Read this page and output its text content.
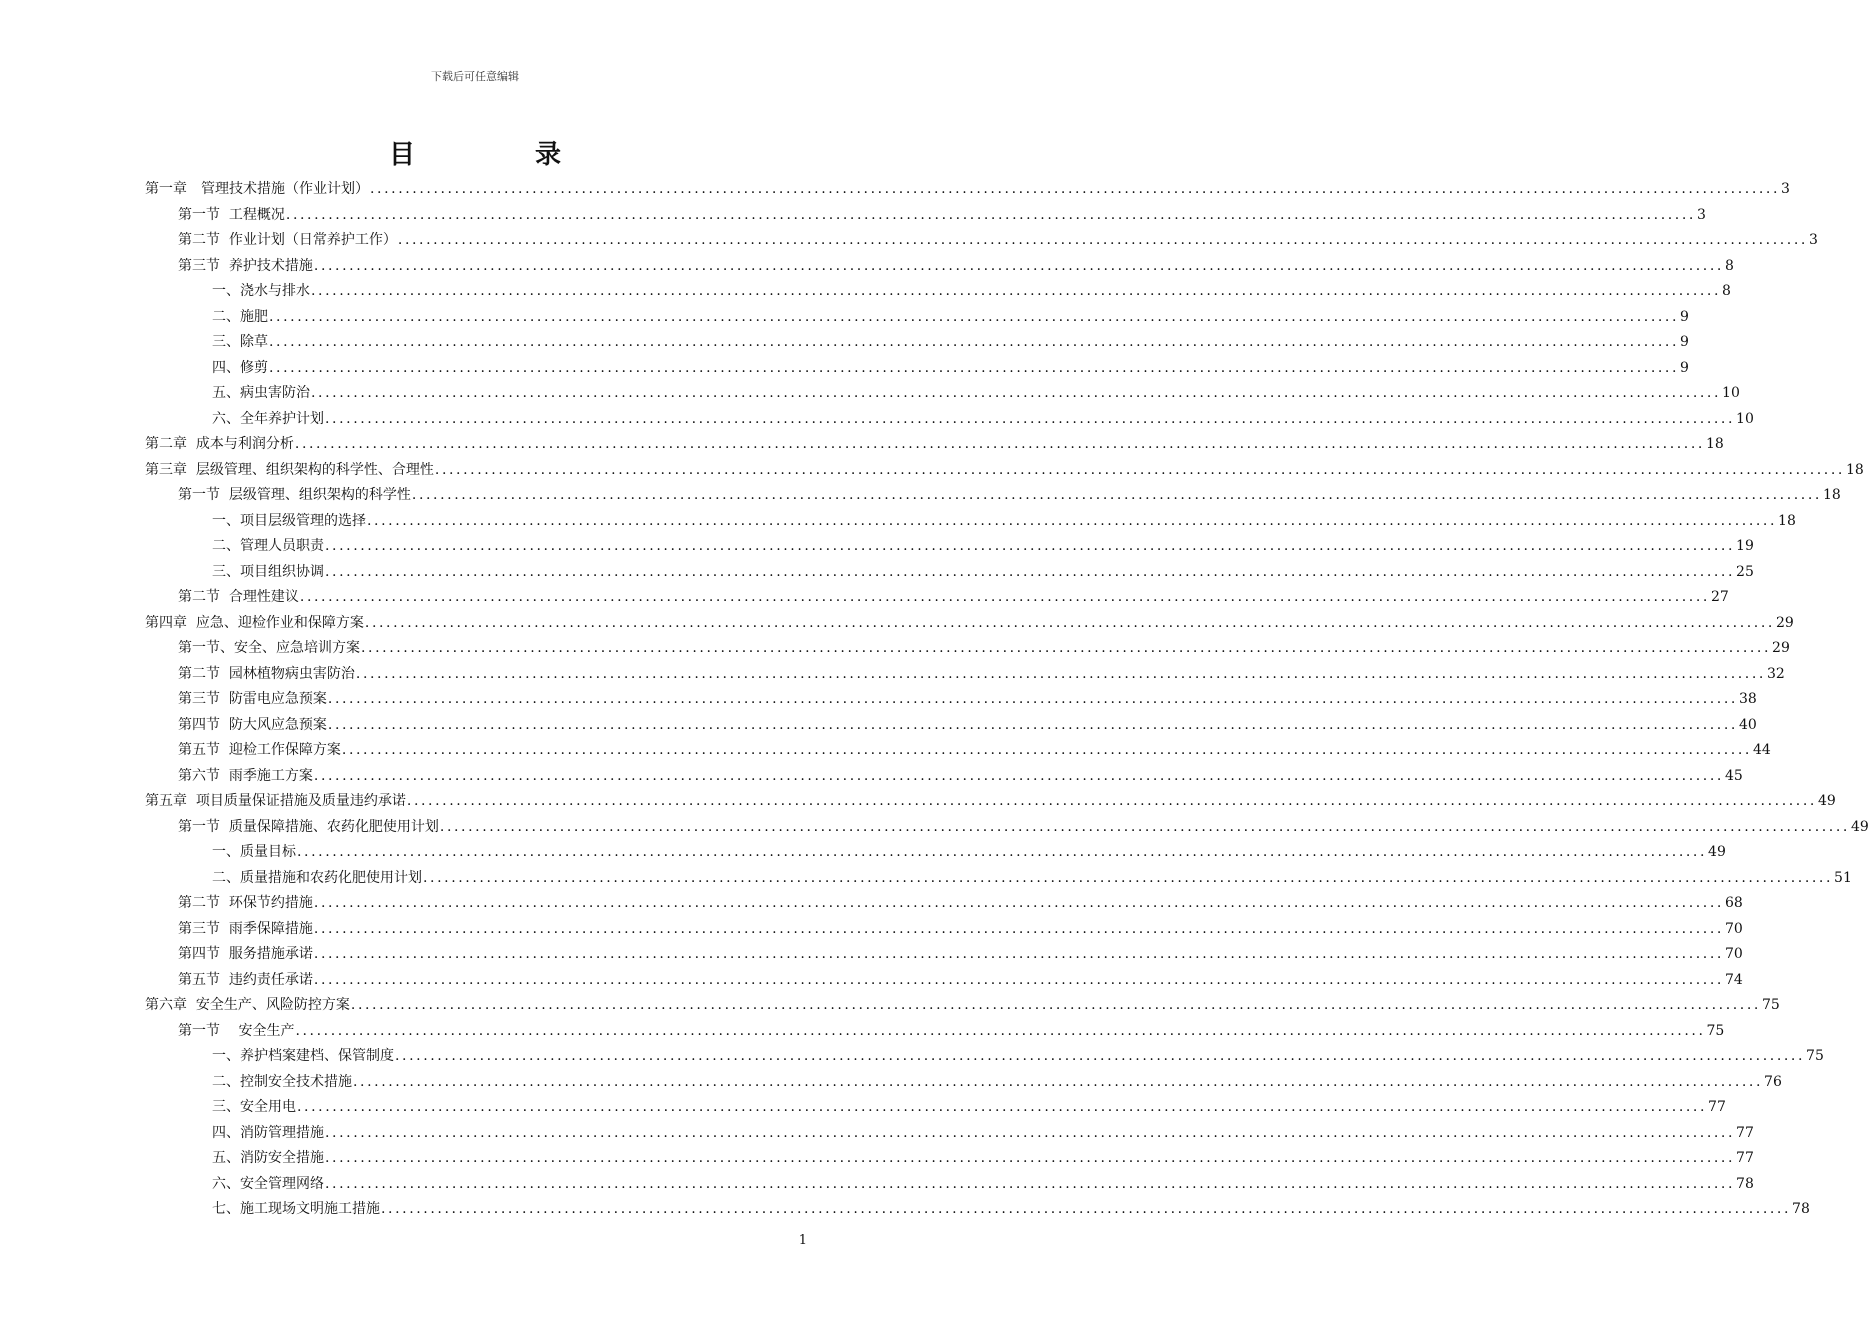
下载后可任意编辑
目	录
第一章　管理技术措施（作业计划） ........................................................................................................................................................................................................ 3
第一节  工程概况 ........................................................................................................................................................................................................ 3
第二节  作业计划（日常养护工作） ........................................................................................................................................................................................................ 3
第三节  养护技术措施 ........................................................................................................................................................................................................ 8
一、浇水与排水 ........................................................................................................................................................................................................ 8
二、施肥 ........................................................................................................................................................................................................ 9
三、除草 ........................................................................................................................................................................................................ 9
四、修剪 ........................................................................................................................................................................................................ 9
五、病虫害防治 ........................................................................................................................................................................................................ 10
六、全年养护计划 ........................................................................................................................................................................................................ 10
第二章  成本与利润分析 ........................................................................................................................................................................................................ 18
第三章  层级管理、组织架构的科学性、合理性 ........................................................................................................................................................................................................ 18
第一节  层级管理、组织架构的科学性 ........................................................................................................................................................................................................ 18
一、项目层级管理的选择 ........................................................................................................................................................................................................ 18
二、管理人员职责 ........................................................................................................................................................................................................ 19
三、项目组织协调 ........................................................................................................................................................................................................ 25
第二节  合理性建议 ........................................................................................................................................................................................................ 27
第四章  应急、迎检作业和保障方案 ........................................................................................................................................................................................................ 29
第一节、安全、应急培训方案 ........................................................................................................................................................................................................ 29
第二节  园林植物病虫害防治 ........................................................................................................................................................................................................ 32
第三节  防雷电应急预案 ........................................................................................................................................................................................................ 38
第四节  防大风应急预案 ........................................................................................................................................................................................................ 40
第五节  迎检工作保障方案 ........................................................................................................................................................................................................ 44
第六节  雨季施工方案 ........................................................................................................................................................................................................ 45
第五章  项目质量保证措施及质量违约承诺 ........................................................................................................................................................................................................ 49
第一节  质量保障措施、农药化肥使用计划 ........................................................................................................................................................................................................ 49
一、质量目标 ........................................................................................................................................................................................................ 49
二、质量措施和农药化肥使用计划 ........................................................................................................................................................................................................ 51
第二节  环保节约措施 ........................................................................................................................................................................................................ 68
第三节  雨季保障措施 ........................................................................................................................................................................................................ 70
第四节  服务措施承诺 ........................................................................................................................................................................................................ 70
第五节  违约责任承诺 ........................................................................................................................................................................................................ 74
第六章  安全生产、风险防控方案 ........................................................................................................................................................................................................ 75
第一节　 安全生产 ........................................................................................................................................................................................................ 75
一、养护档案建档、保管制度 ........................................................................................................................................................................................................ 75
二、控制安全技术措施 ........................................................................................................................................................................................................ 76
三、安全用电 ........................................................................................................................................................................................................ 77
四、消防管理措施 ........................................................................................................................................................................................................ 77
五、消防安全措施 ........................................................................................................................................................................................................ 77
六、安全管理网络 ........................................................................................................................................................................................................ 78
七、施工现场文明施工措施 ........................................................................................................................................................................................................ 78
1
